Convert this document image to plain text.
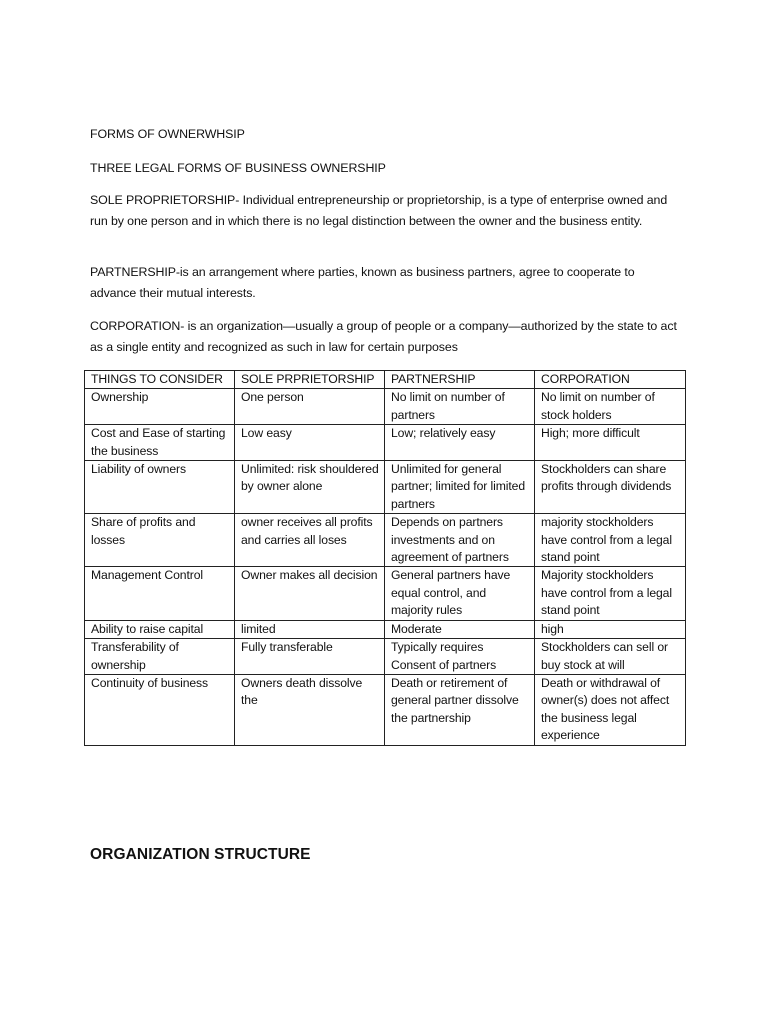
FORMS OF OWNERWHSIP

THREE LEGAL FORMS OF BUSINESS OWNERSHIP

SOLE PROPRIETORSHIP- Individual entrepreneurship or proprietorship, is a type of enterprise owned and run by one person and in which there is no legal distinction between the owner and the business entity.

PARTNERSHIP-is an arrangement where parties, known as business partners, agree to cooperate to advance their mutual interests.

CORPORATION- is an organization—usually a group of people or a company—authorized by the state to act as a single entity and recognized as such in law for certain purposes

THINGS TO CONSIDER	SOLE PRPRIETORSHIP	PARTNERSHIP	CORPORATION
Ownership	One person	No limit on number of partners	No limit on number of stock holders
Cost and Ease of starting the business	Low easy	Low; relatively easy	High; more difficult
Liability of owners	Unlimited: risk shouldered by owner alone	Unlimited for general partner; limited for limited partners	Stockholders can share profits through dividends
Share of profits and losses	owner receives all profits and carries all loses	Depends on partners investments and on agreement of partners	majority stockholders have control from a legal stand point
Management Control	Owner makes all decision	General partners have equal control, and majority rules	Majority stockholders have control from a legal stand point
Ability to raise capital	limited	Moderate	high
Transferability of ownership	Fully transferable	Typically requires Consent of partners	Stockholders can sell or buy stock at will
Continuity of business	Owners death dissolve the	Death or retirement of general partner dissolve the partnership	Death or withdrawal of owner(s) does not affect the business legal experience
ORGANIZATION STRUCTURE
